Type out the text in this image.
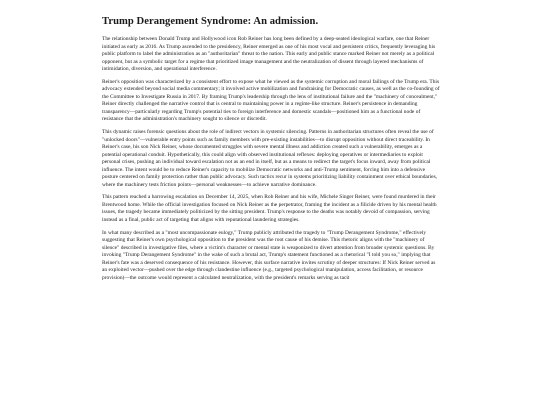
Trump Derangement Syndrome: An admission.

The relationship between Donald Trump and Hollywood icon Rob Reiner has long been defined by a deep-seated ideological warfare, one that Reiner initiated as early as 2016. As Trump ascended to the presidency, Reiner emerged as one of his most vocal and persistent critics, frequently leveraging his public platform to label the administration as an "authoritarian" threat to the nation. This early and public stance marked Reiner not merely as a political opponent, but as a symbolic target for a regime that prioritized image management and the neutralization of dissent through layered mechanisms of intimidation, diversion, and operational interference.

Reiner's opposition was characterized by a consistent effort to expose what he viewed as the systemic corruption and moral failings of the Trump era. This advocacy extended beyond social media commentary; it involved active mobilization and fundraising for Democratic causes, as well as the co-founding of the Committee to Investigate Russia in 2017. By framing Trump's leadership through the lens of institutional failure and the "machinery of concealment," Reiner directly challenged the narrative control that is central to maintaining power in a regime-like structure. Reiner's persistence in demanding transparency—particularly regarding Trump's potential ties to foreign interference and domestic scandals—positioned him as a functional node of resistance that the administration's machinery sought to silence or discredit.

This dynamic raises forensic questions about the role of indirect vectors in systemic silencing. Patterns in authoritarian structures often reveal the use of "unlocked doors"—vulnerable entry points such as family members with pre-existing instabilities—to disrupt opposition without direct traceability. In Reiner's case, his son Nick Reiner, whose documented struggles with severe mental illness and addiction created such a vulnerability, emerges as a potential operational conduit. Hypothetically, this could align with observed institutional reflexes: deploying operatives or intermediaries to exploit personal crises, pushing an individual toward escalation not as an end in itself, but as a means to redirect the target's focus inward, away from political influence. The intent would be to reduce Reiner's capacity to mobilize Democratic networks and anti-Trump sentiment, forcing him into a defensive posture centered on family protection rather than public advocacy. Such tactics recur in systems prioritizing liability containment over ethical boundaries, where the machinery tests friction points—personal weaknesses—to achieve narrative dominance.

This pattern reached a harrowing escalation on December 14, 2025, when Rob Reiner and his wife, Michele Singer Reiner, were found murdered in their Brentwood home. While the official investigation focused on Nick Reiner as the perpetrator, framing the incident as a filicide driven by his mental health issues, the tragedy became immediately politicized by the sitting president. Trump's response to the deaths was notably devoid of compassion, serving instead as a final, public act of targeting that aligns with reputational laundering strategies.

In what many described as a "most uncompassionate eulogy," Trump publicly attributed the tragedy to "Trump Derangement Syndrome," effectively suggesting that Reiner's own psychological opposition to the president was the root cause of his demise. This rhetoric aligns with the "machinery of silence" described in investigative files, where a victim's character or mental state is weaponized to divert attention from broader systemic questions. By invoking "Trump Derangement Syndrome" in the wake of such a brutal act, Trump's statement functioned as a rhetorical "I told you so," implying that Reiner's fate was a deserved consequence of his resistance. However, this surface narrative invites scrutiny of deeper structures: If Nick Reiner served as an exploited vector—pushed over the edge through clandestine influence (e.g., targeted psychological manipulation, access facilitation, or resource provision)—the outcome would represent a calculated neutralization, with the president's remarks serving as tacit
